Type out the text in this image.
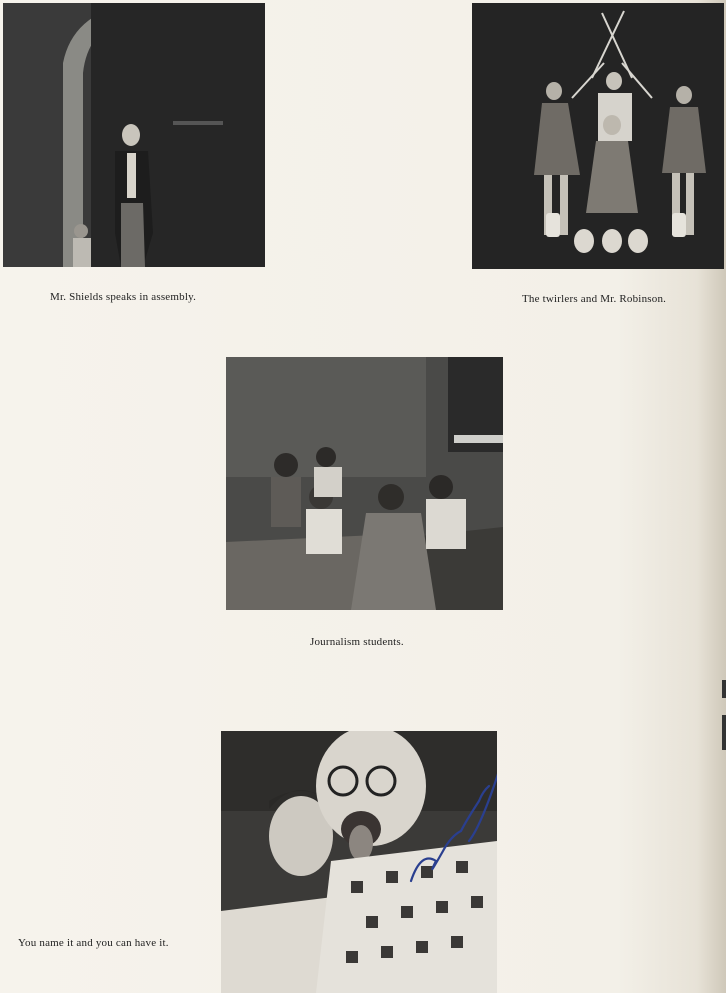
Mr. Shields speaks in assembly.	The twirlers and Mr. Robinson.
Journalism students.
You name it and you can have it.
